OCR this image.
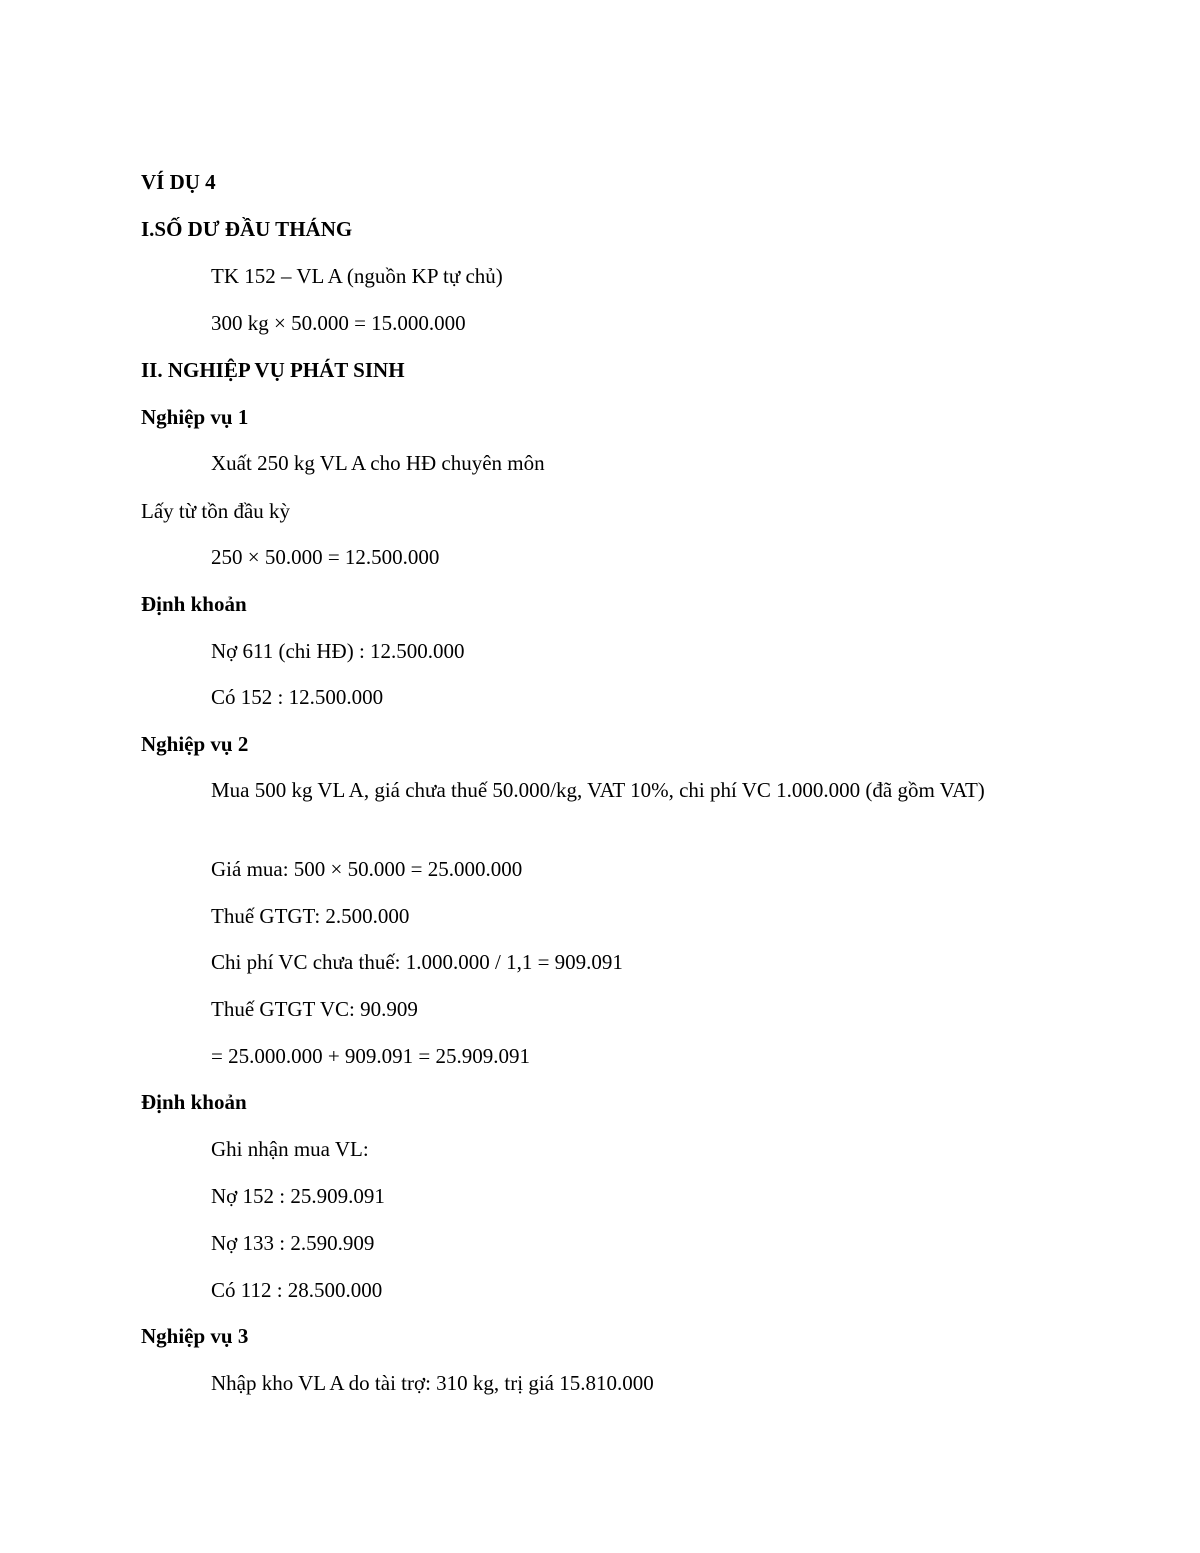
VÍ DỤ 4
I.SỐ DƯ ĐẦU THÁNG
TK 152 – VL A (nguồn KP tự chủ)
300 kg × 50.000 = 15.000.000
II. NGHIỆP VỤ PHÁT SINH
Nghiệp vụ 1
Xuất 250 kg VL A cho HĐ chuyên môn
Lấy từ tồn đầu kỳ
250 × 50.000 = 12.500.000
Định khoản
Nợ 611 (chi HĐ) : 12.500.000
Có 152 : 12.500.000
Nghiệp vụ 2
Mua 500 kg VL A, giá chưa thuế 50.000/kg, VAT 10%, chi phí VC 1.000.000 (đã gồm VAT)
Giá mua: 500 × 50.000 = 25.000.000
Thuế GTGT: 2.500.000
Chi phí VC chưa thuế: 1.000.000 / 1,1 = 909.091
Thuế GTGT VC: 90.909
= 25.000.000 + 909.091 = 25.909.091
Định khoản
Ghi nhận mua VL:
Nợ 152 : 25.909.091
Nợ 133 : 2.590.909
Có 112 : 28.500.000
Nghiệp vụ 3
Nhập kho VL A do tài trợ: 310 kg, trị giá 15.810.000
